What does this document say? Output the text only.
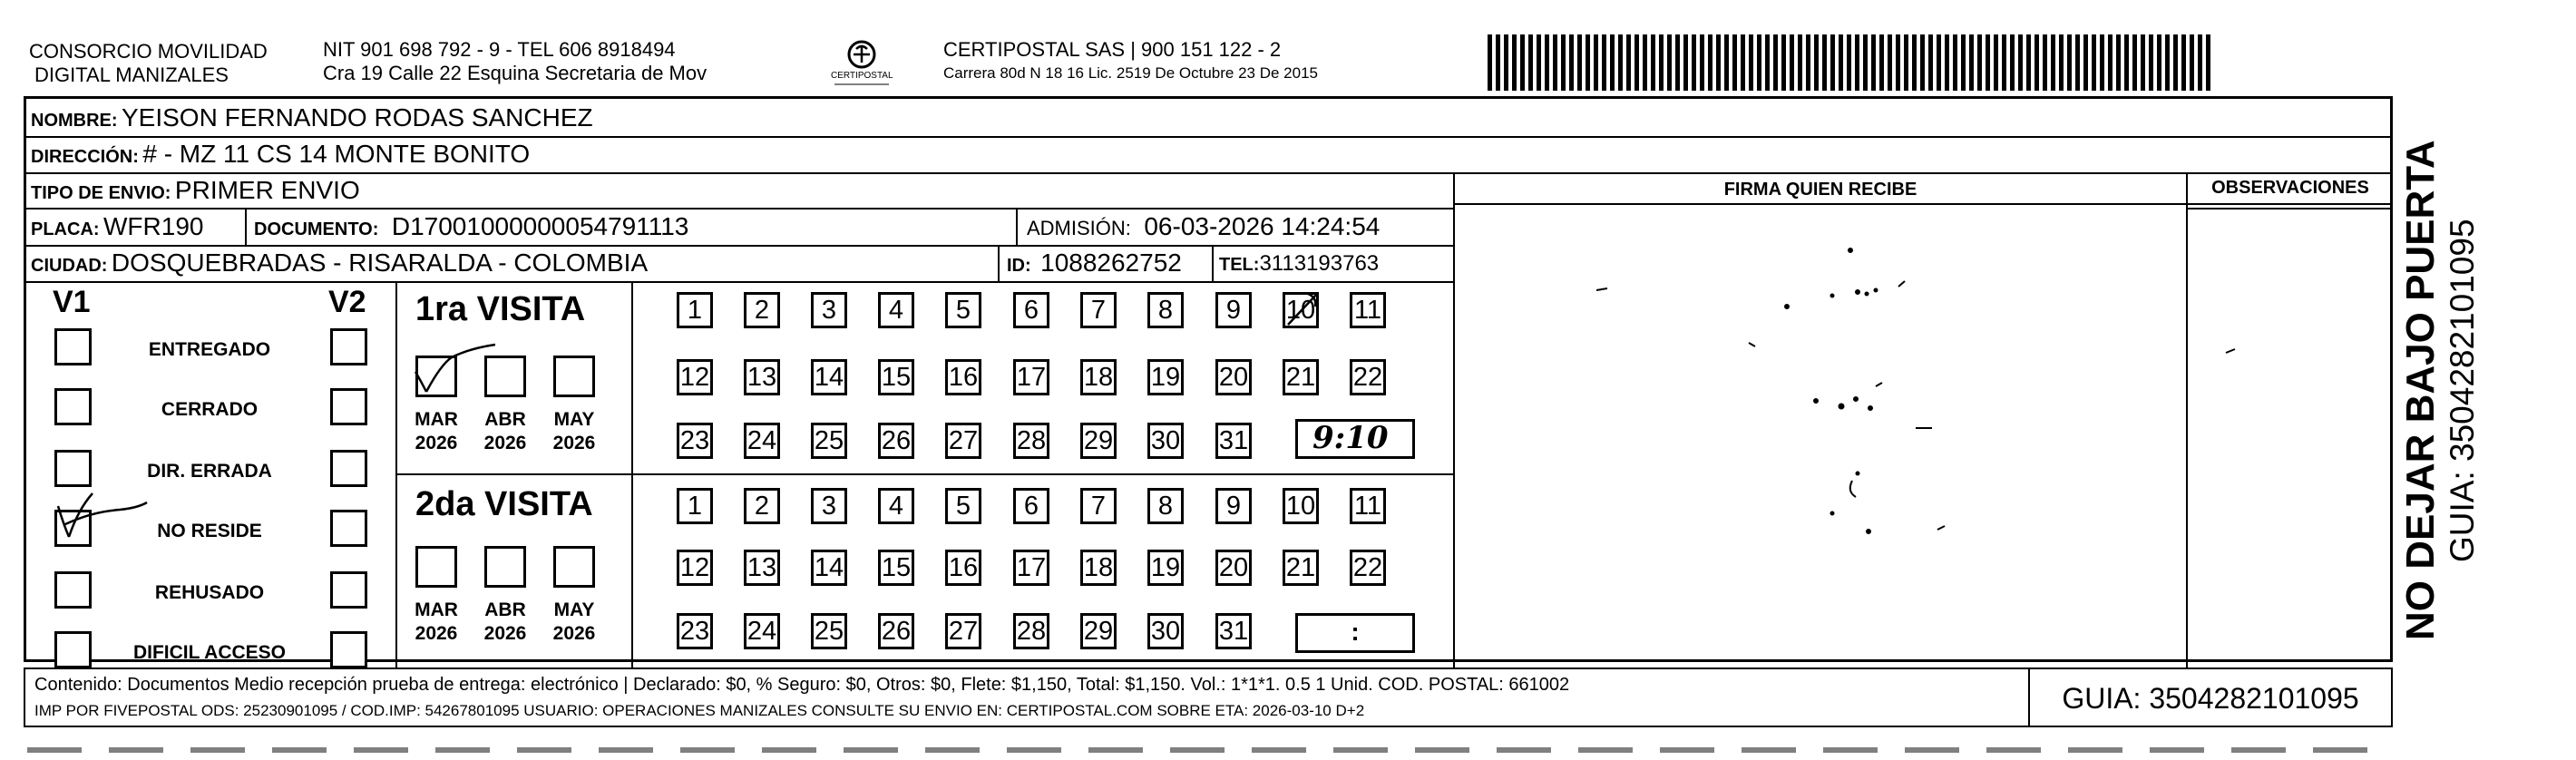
CONSORCIO MOVILIDAD
DIGITAL MANIZALES
NIT 901 698 792 - 9 - TEL 606 8918494
Cra 19 Calle 22 Esquina Secretaria de Mov	CERTIPOSTAL
CERTIPOSTAL SAS | 900 151 122 - 2
Carrera 80d N 18 16 Lic. 2519 De Octubre 23 De 2015
FIRMA QUIEN RECIBE	OBSERVACIONES
NOMBRE: YEISON FERNANDO RODAS SANCHEZ
DIRECCIÓN: # - MZ 11 CS 14 MONTE BONITO
TIPO DE ENVIO: PRIMER ENVIO
PLACA: WFR190	DOCUMENTO: D17001000000054791113	ADMISIÓN: 06-03-2026 14:24:54
CIUDAD: DOSQUEBRADAS - RISARALDA - COLOMBIA	ID: 1088262752 TEL:3113193763
V1	V2
ENTREGADO
CERRADO
DIR. ERRADA
NO RESIDE
REHUSADO
DIFICIL ACCESO
1ra VISITA
2da VISITA
MAR
2026
ABR
2026
MAY
2026
MAR
2026
ABR
2026
MAY
2026
1	2	3	4	5	6	7	8	9	10 11
12 13 14 15 16 17 18 19 20 21 22
23 24 25 26 27 28 29 30 31
1	2	3	4	5	6	7	8	9	10 11
12 13 14 15 16 17 18 19 20 21 22
23 24 25 26 27 28 29 30 31
9:10
:
Contenido: Documentos Medio recepción prueba de entrega: electrónico | Declarado: $0, % Seguro: $0, Otros: $0, Flete: $1,150, Total: $1,150. Vol.: 1*1*1. 0.5 1 Unid. COD. POSTAL: 661002
IMP POR FIVEPOSTAL ODS: 25230901095 / COD.IMP: 54267801095 USUARIO: OPERACIONES MANIZALES CONSULTE SU ENVIO EN: CERTIPOSTAL.COM SOBRE ETA: 2026-03-10 D+2	GUIA: 3504282101095
NO DEJAR BAJO PUERTA GUIA: 3504282101095
